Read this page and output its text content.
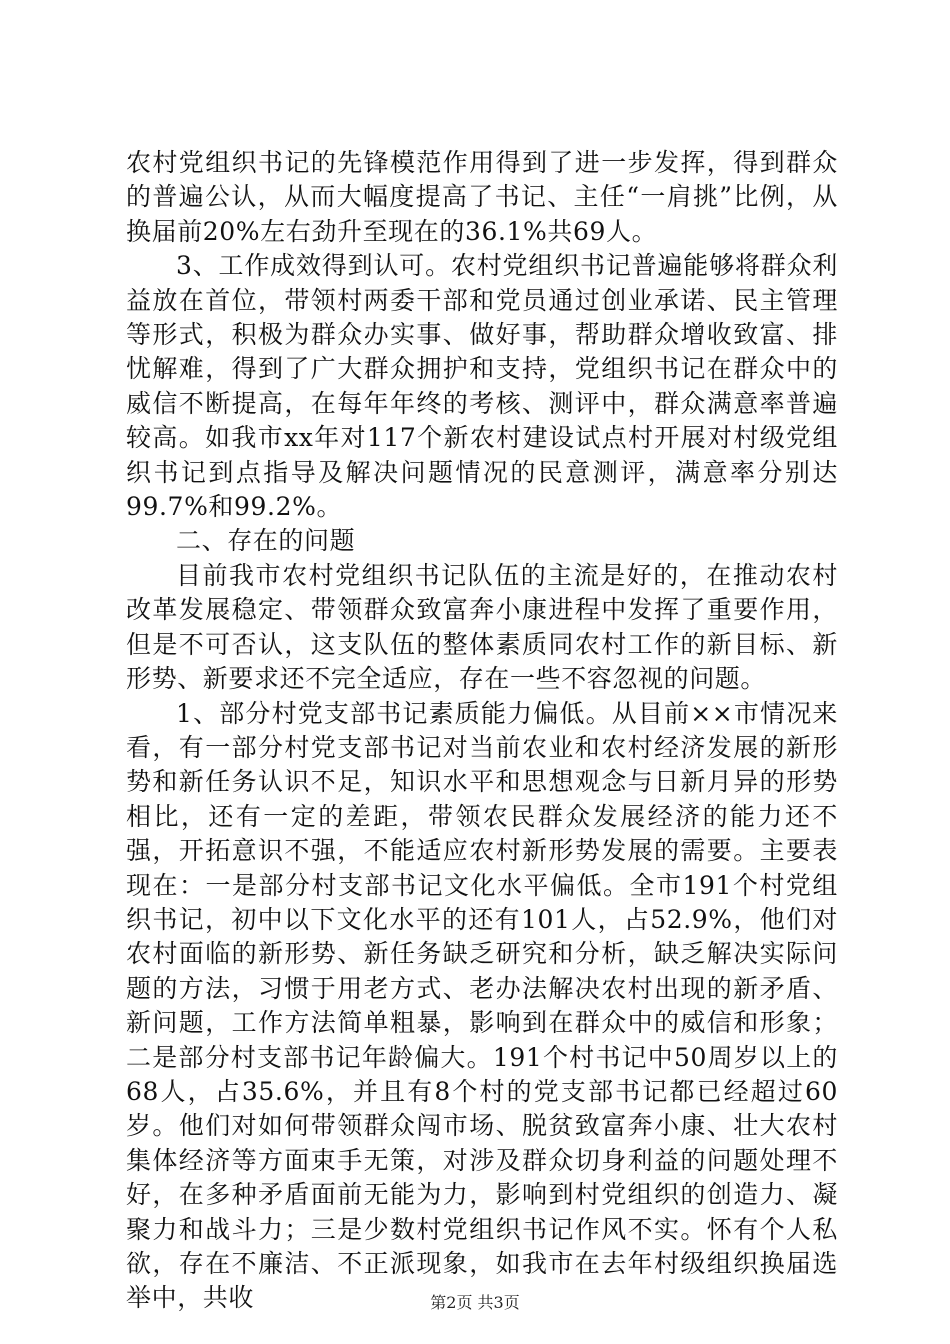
农村党组织书记的先锋模范作用得到了进一步发挥，得到群众的普遍公认，从而大幅度提高了书记、主任“一肩挑”比例，从换届前20%左右劲升至现在的36.1%共69人。

3、工作成效得到认可。农村党组织书记普遍能够将群众利益放在首位，带领村两委干部和党员通过创业承诺、民主管理等形式，积极为群众办实事、做好事，帮助群众增收致富、排忧解难，得到了广大群众拥护和支持，党组织书记在群众中的威信不断提高，在每年年终的考核、测评中，群众满意率普遍较高。如我市xx年对117个新农村建设试点村开展对村级党组织书记到点指导及解决问题情况的民意测评，满意率分别达99.7%和99.2%。

二、存在的问题

目前我市农村党组织书记队伍的主流是好的，在推动农村改革发展稳定、带领群众致富奔小康进程中发挥了重要作用，但是不可否认，这支队伍的整体素质同农村工作的新目标、新形势、新要求还不完全适应，存在一些不容忽视的问题。

1、部分村党支部书记素质能力偏低。从目前××市情况来看，有一部分村党支部书记对当前农业和农村经济发展的新形势和新任务认识不足，知识水平和思想观念与日新月异的形势相比，还有一定的差距，带领农民群众发展经济的能力还不强，开拓意识不强，不能适应农村新形势发展的需要。主要表现在：一是部分村支部书记文化水平偏低。全市191个村党组织书记，初中以下文化水平的还有101人，占52.9%，他们对农村面临的新形势、新任务缺乏研究和分析，缺乏解决实际问题的方法，习惯于用老方式、老办法解决农村出现的新矛盾、新问题，工作方法简单粗暴，影响到在群众中的威信和形象；二是部分村支部书记年龄偏大。191个村书记中50周岁以上的68人，占35.6%，并且有8个村的党支部书记都已经超过60岁。他们对如何带领群众闯市场、脱贫致富奔小康、壮大农村集体经济等方面束手无策，对涉及群众切身利益的问题处理不好，在多种矛盾面前无能为力，影响到村党组织的创造力、凝聚力和战斗力；三是少数村党组织书记作风不实。怀有个人私欲，存在不廉洁、不正派现象，如我市在去年村级组织换届选举中，共收	第2页 共3页
